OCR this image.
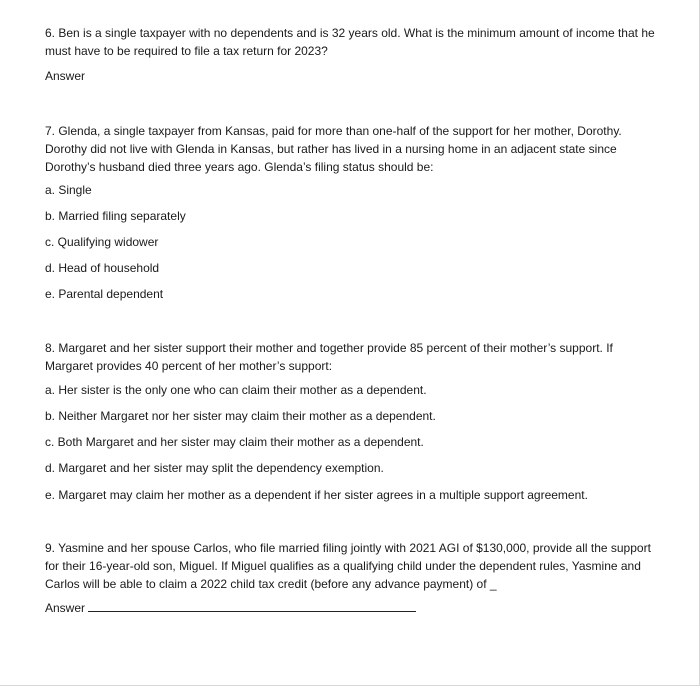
6. Ben is a single taxpayer with no dependents and is 32 years old. What is the minimum amount of income that he must have to be required to file a tax return for 2023?

Answer

7. Glenda, a single taxpayer from Kansas, paid for more than one-half of the support for her mother, Dorothy. Dorothy did not live with Glenda in Kansas, but rather has lived in a nursing home in an adjacent state since Dorothy’s husband died three years ago. Glenda’s filing status should be:

a. Single
b. Married filing separately
c. Qualifying widower
d. Head of household
e. Parental dependent

8. Margaret and her sister support their mother and together provide 85 percent of their mother’s support. If Margaret provides 40 percent of her mother’s support:

a. Her sister is the only one who can claim their mother as a dependent.
b. Neither Margaret nor her sister may claim their mother as a dependent.
c. Both Margaret and her sister may claim their mother as a dependent.
d. Margaret and her sister may split the dependency exemption.
e. Margaret may claim her mother as a dependent if her sister agrees in a multiple support agreement.

9. Yasmine and her spouse Carlos, who file married filing jointly with 2021 AGI of $130,000, provide all the support for their 16-year-old son, Miguel. If Miguel qualifies as a qualifying child under the dependent rules, Yasmine and Carlos will be able to claim a 2022 child tax credit (before any advance payment) of _

Answer
